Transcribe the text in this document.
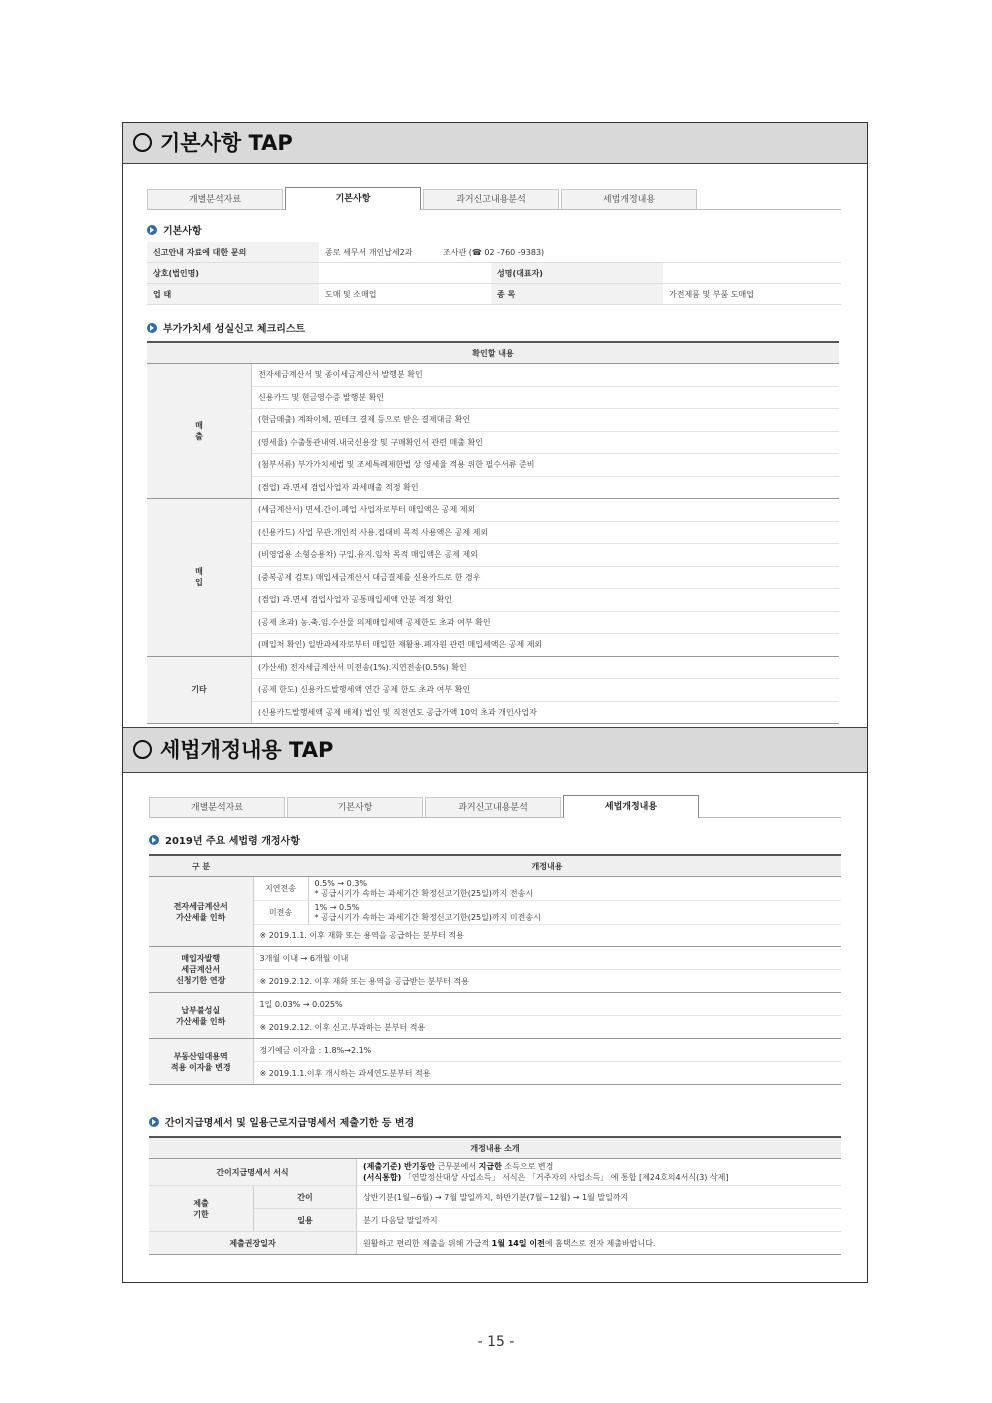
기본사항 TAP
개별분석자료	기본사항	과거신고내용분석	세법개정내용
기본사항
신고안내 자료에 대한 문의	종로 세무서 개인납세2과 조사관 (☎ 02 -760 -9383)		
상호(법인명)		성명(대표자)	
업 태	도매 및 소매업	종 목	가전제품 및 부품 도매업
부가가치세 성실신고 체크리스트
확인할 내용	
매
출	전자세금계산서 및 종이세금계산서 발행분 확인
	신용카드 및 현금영수증 발행분 확인
	(현금매출) 계좌이체, 핀테크 결제 등으로 받은 결제대금 확인
	(영세율) 수출통관내역.내국신용장 및 구매확인서 관련 매출 확인
	(첨부서류) 부가가치세법 및 조세특례제한법 상 영세율 적용 위한 필수서류 준비
	(겸업) 과.면세 겸업사업자 과세매출 적정 확인
매
입	(세금계산서) 면세.간이.폐업 사업자로부터 매입액은 공제 제외
	(신용카드) 사업 무관.개인적 사용.접대비 목적 사용액은 공제 제외
	(비영업용 소형승용차) 구입.유지.임차 목적 매입액은 공제 제외
	(중복공제 검토) 매입세금계산서 대금결제를 신용카드로 한 경우
	(겸업) 과.면세 겸업사업자 공통매입세액 안분 적정 확인
	(공제 초과) 농.축.임.수산물 의제매입세액 공제한도 초과 여부 확인
	(매입처 확인) 일반과세자로부터 매입한 재활용.폐자원 관련 매입세액은 공제 제외
기타	(가산세) 전자세금계산서 미전송(1%).지연전송(0.5%) 확인
	(공제 한도) 신용카드발행세액 연간 공제 한도 초과 여부 확인
	(신용카드발행세액 공제 배제) 법인 및 직전연도 공급가액 10억 초과 개인사업자
세법개정내용 TAP
개별분석자료	기본사항	과거신고내용분석	세법개정내용
2019년 주요 세법령 개정사항
구 분	개정내용	
전자세금계산서
가산세율 인하	지연전송	0.5% → 0.3%
* 공급시기가 속하는 과세기간 확정신고기한(25일)까지 전송시

	미전송	1% → 0.5%
* 공급시기가 속하는 과세기간 확정신고기한(25일)까지 미전송시

	※ 2019.1.1. 이후 재화 또는 용역을 공급하는 분부터 적용	
매입자발행
세금계산서
신청기한 연장	3개월 이내 → 6개월 이내	
	※ 2019.2.12. 이후 재화 또는 용역을 공급받는 분부터 적용	
납부불성실
가산세율 인하	1일 0.03% → 0.025%	
	※ 2019.2.12. 이후 신고.부과하는 분부터 적용	
부동산임대용역
적용 이자율 변경	정기예금 이자율 : 1.8%→2.1%	
	※ 2019.1.1.이후 개시하는 과세연도분부터 적용	
간이지급명세서 및 일용근로지급명세서 제출기한 등 변경
개정내용 소개		
간이지급명세서 서식		(제출기준) 반기동안 근무분에서 지급한 소득으로 변경
(서식통합) 「연말정산대상 사업소득」 서식은 「거주자의 사업소득」 에 통합 [제24호의4서식(3) 삭제]

제출
기한	간이	상반기분(1월~6월) → 7월 말일까지, 하반기분(7월~12월) → 1월 말일까지
	일용	분기 다음달 말일까지
제출권장일자		원활하고 편리한 제출을 위해 가급적 1월 14일 이전에 홈택스로 전자 제출바랍니다.
- 15 -
